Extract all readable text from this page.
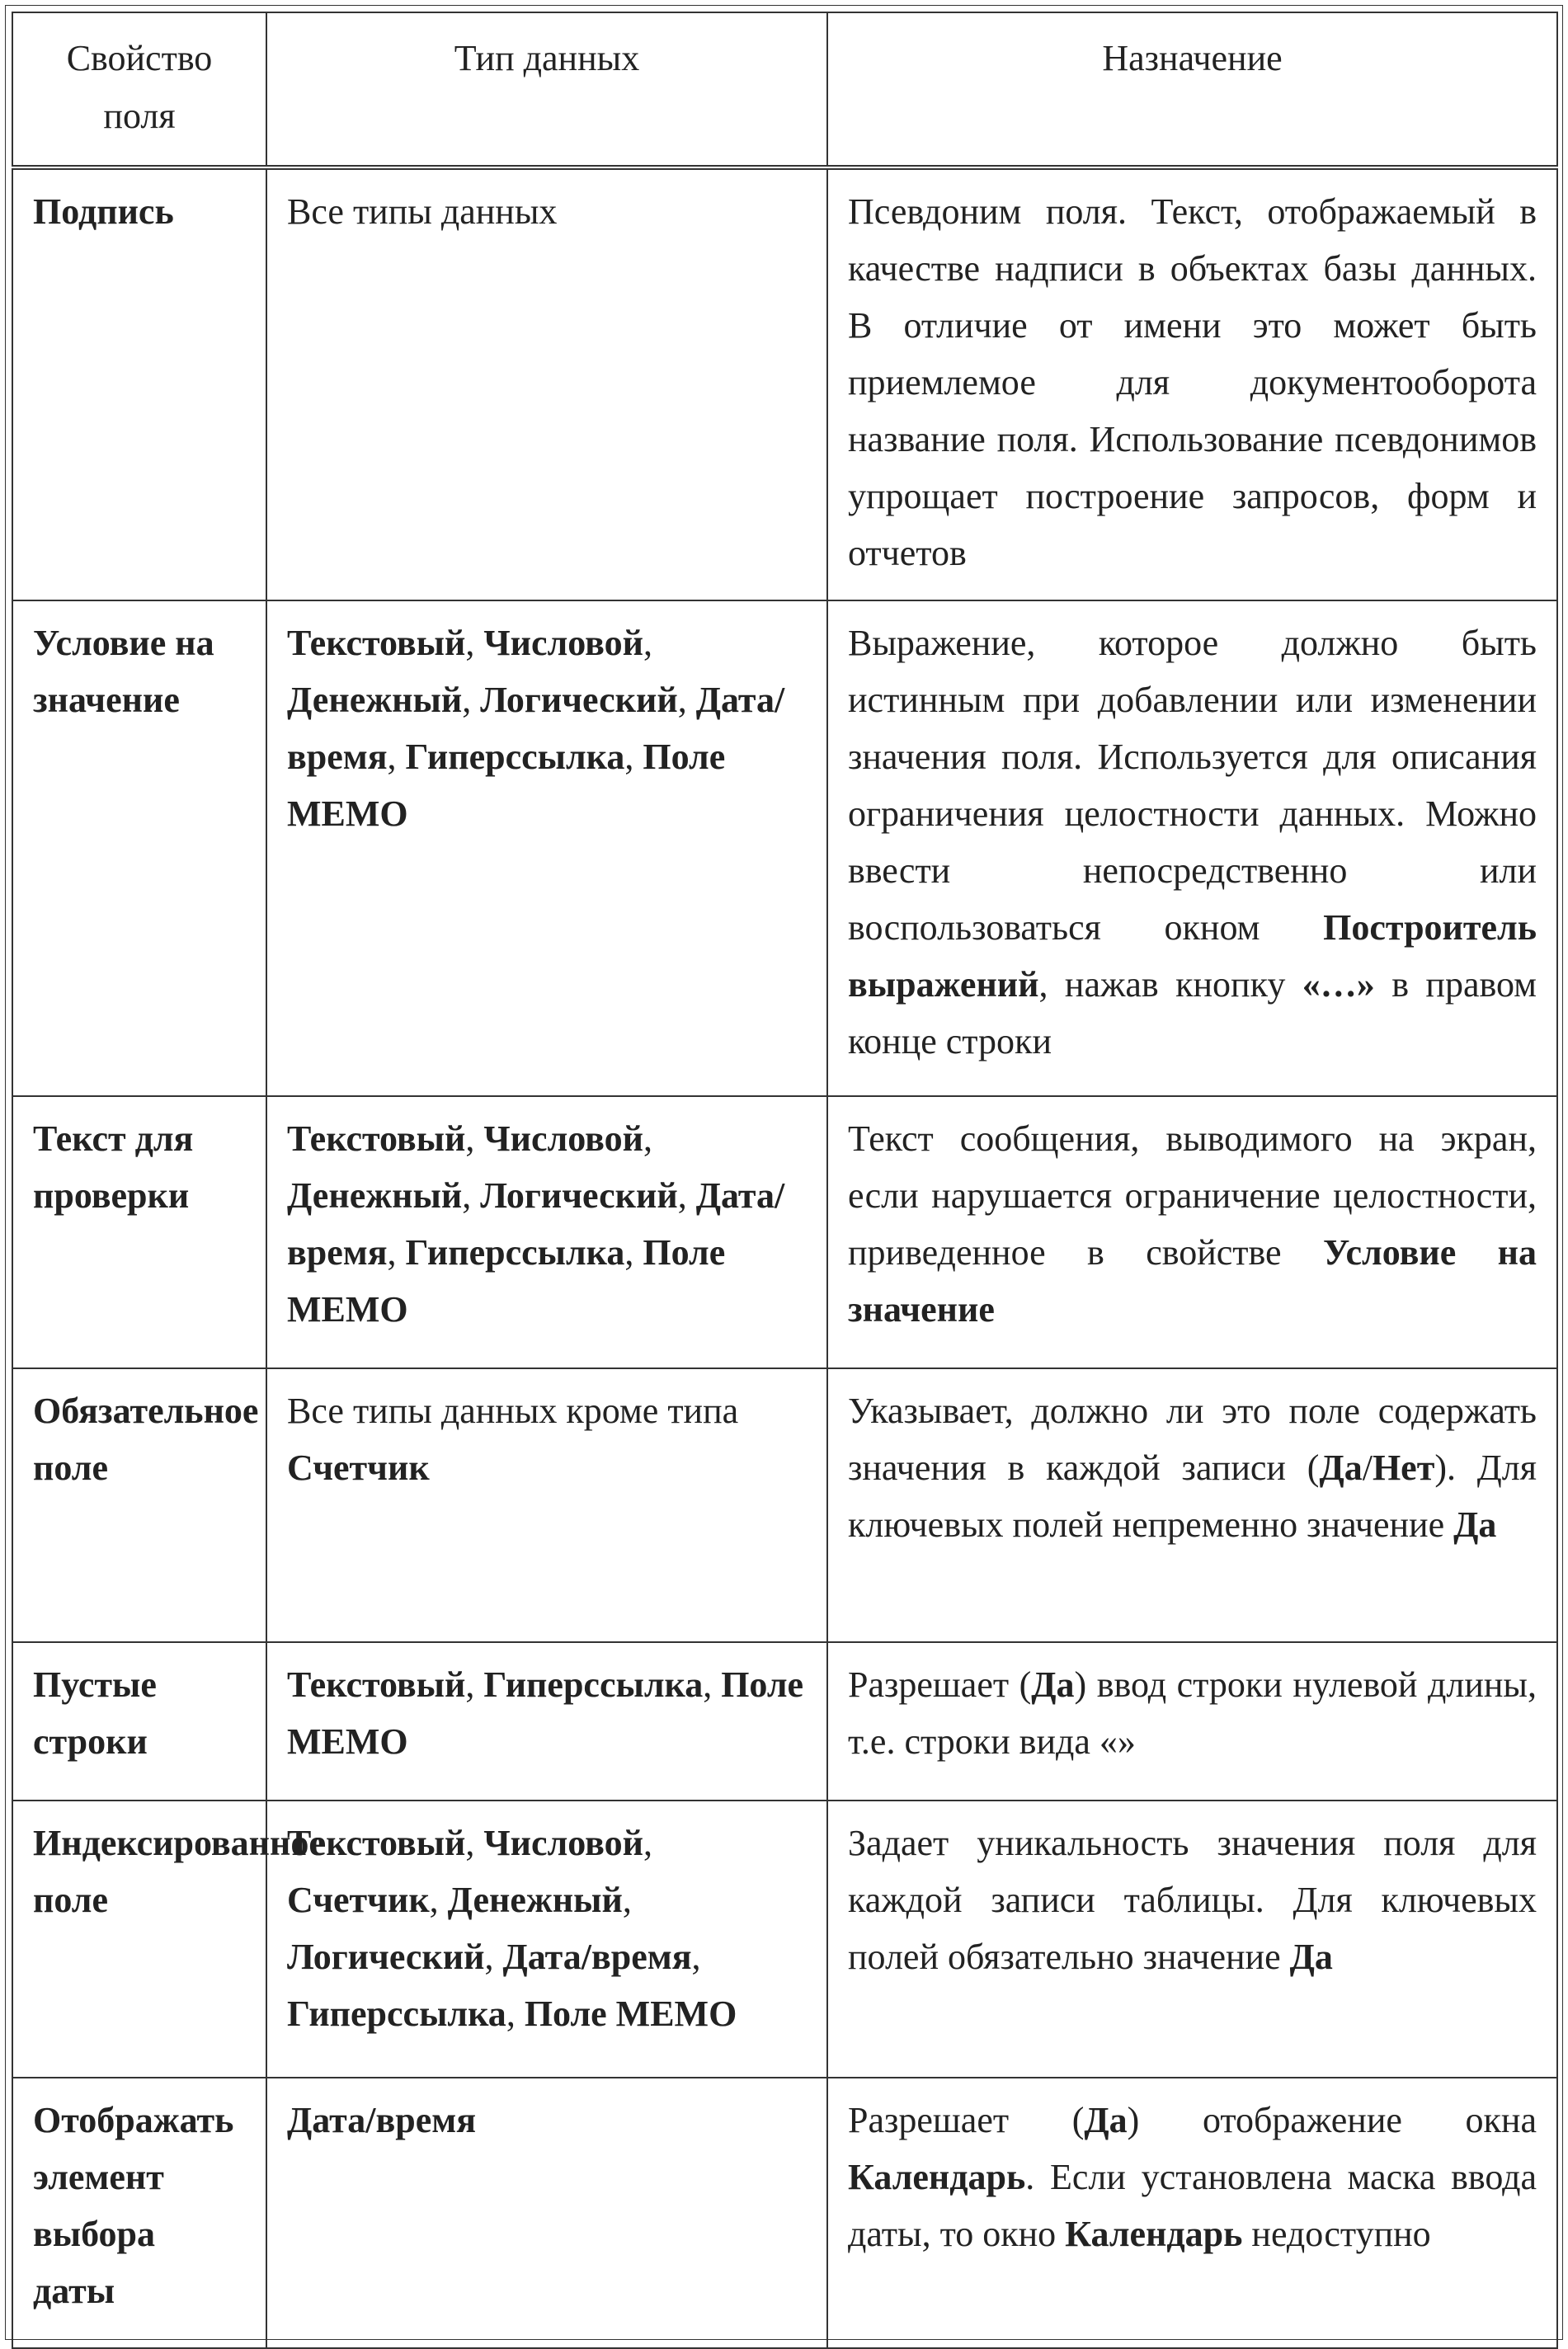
Свойство поля	Тип данных	Назначение
Подпись	Все типы данных	Псевдоним поля. Текст, отображаемый в качестве надписи в объектах базы данных. В отличие от имени это может быть приемлемое для документооборота название поля. Использование псевдонимов упрощает построение запросов, форм и отчетов
Условие на значение	Текстовый, Числовой, Денежный, Логический, Дата/время, Гиперссылка, Поле МЕМО	Выражение, которое должно быть истинным при добавлении или изменении значения поля. Используется для описания ограничения целостности данных. Можно ввести непосредственно или воспользоваться окном Построитель выражений, нажав кнопку «…» в правом конце строки
Текст для проверки	Текстовый, Числовой, Денежный, Логический, Дата/время, Гиперссылка, Поле МЕМО	Текст сообщения, выводимого на экран, если нарушается ограничение целостности, приведенное в свойстве Условие на значение
Обязательное поле	Все типы данных кроме типа Счетчик	Указывает, должно ли это поле содержать значения в каждой записи (Да/Нет). Для ключевых полей непременно значение Да
Пустые строки	Текстовый, Гиперссылка, Поле МЕМО	Разрешает (Да) ввод строки нулевой длины, т.е. строки вида «»
Индексированное поле	Текстовый, Числовой, Счетчик, Денежный, Логический, Дата/время, Гиперссылка, Поле МЕМО	Задает уникальность значения поля для каждой записи таблицы. Для ключевых полей обязательно значение Да
Отображать элемент выбора даты	Дата/время	Разрешает (Да) отображение окна Календарь. Если установлена маска ввода даты, то окно Календарь недоступно
